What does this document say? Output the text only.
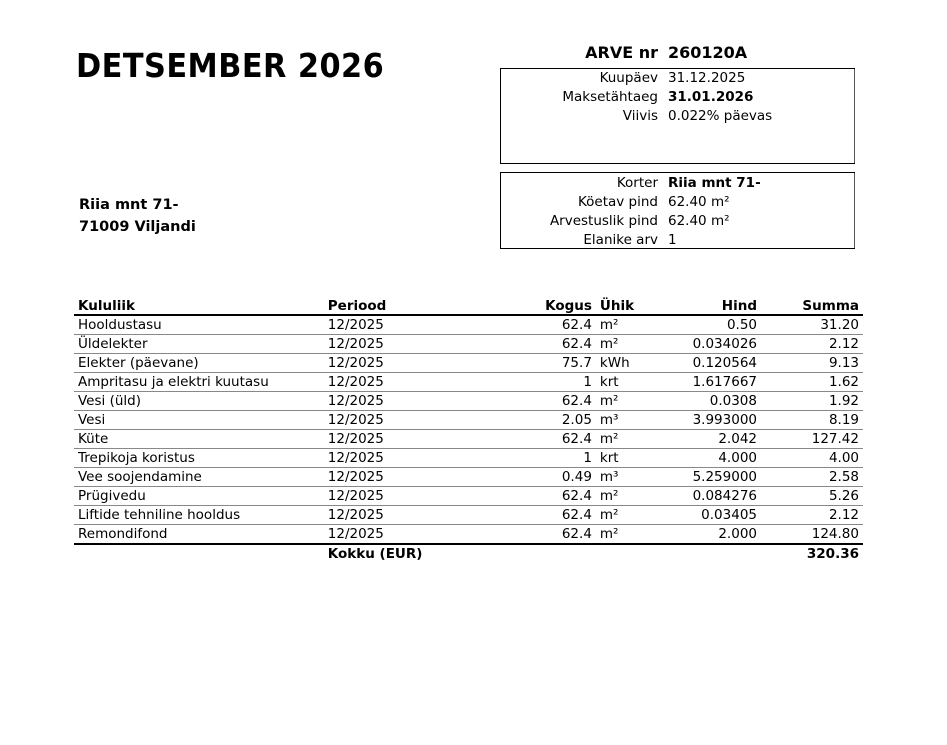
DETSEMBER 2026	ARVE nr 260120A
Kuupäev 31.12.2025
Maksetähtaeg 31.01.2026
Viivis 0.022% päevas
Korter Riia mnt 71-
Köetav pind 62.40 m²
Arvestuslik pind 62.40 m²
Elanike arv 1
Riia mnt 71-
71009 Viljandi
Kululiik	Periood	Kogus	Ühik	Hind	Summa
Hooldustasu	12/2025	62.4	m²	0.50	31.20
Üldelekter	12/2025	62.4	m²	0.034026	2.12
Elekter (päevane)	12/2025	75.7	kWh	0.120564	9.13
Ampritasu ja elektri kuutasu	12/2025	1	krt	1.617667	1.62
Vesi (üld)	12/2025	62.4	m²	0.0308	1.92
Vesi	12/2025	2.05	m³	3.993000	8.19
Küte	12/2025	62.4	m²	2.042	127.42
Trepikoja koristus	12/2025	1	krt	4.000	4.00
Vee soojendamine	12/2025	0.49	m³	5.259000	2.58
Prügivedu	12/2025	62.4	m²	0.084276	5.26
Liftide tehniline hooldus	12/2025	62.4	m²	0.03405	2.12
Remondifond	12/2025	62.4	m²	2.000	124.80
	Kokku (EUR)				320.36
